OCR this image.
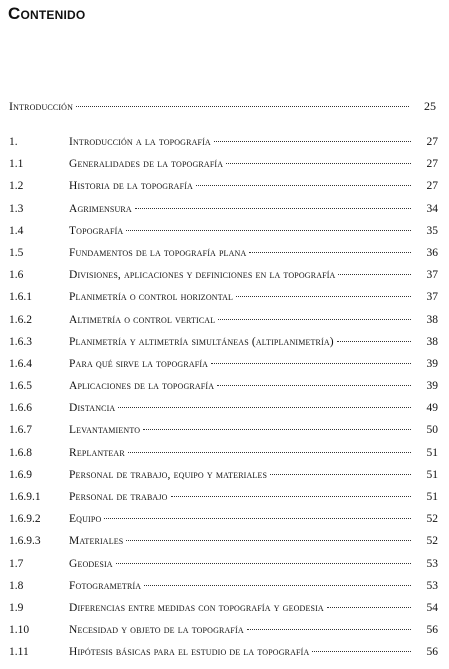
Contenido
Introducción	25
1.	Introducción a la topografía	27
1.1	Generalidades de la topografía	27
1.2	Historia de la topografía	27
1.3	Agrimensura	34
1.4	Topografía	35
1.5	Fundamentos de la topografía plana	36
1.6	Divisiones, aplicaciones y definiciones en la topografía	37
1.6.1	Planimetría o control horizontal	37
1.6.2	Altimetría o control vertical	38
1.6.3	Planimetría y altimetría simultáneas (altiplanimetría)	38
1.6.4	Para qué sirve la topografía	39
1.6.5	Aplicaciones de la topografía	39
1.6.6	Distancia	49
1.6.7	Levantamiento	50
1.6.8	Replantear	51
1.6.9	Personal de trabajo, equipo y materiales	51
1.6.9.1	Personal de trabajo	51
1.6.9.2	Equipo	52
1.6.9.3	Materiales	52
1.7	Geodesia	53
1.8	Fotogrametría	53
1.9	Diferencias entre medidas con topografía y geodesia	54
1.10	Necesidad y objeto de la topografía	56
1.11	Hipótesis básicas para el estudio de la topografía	56
